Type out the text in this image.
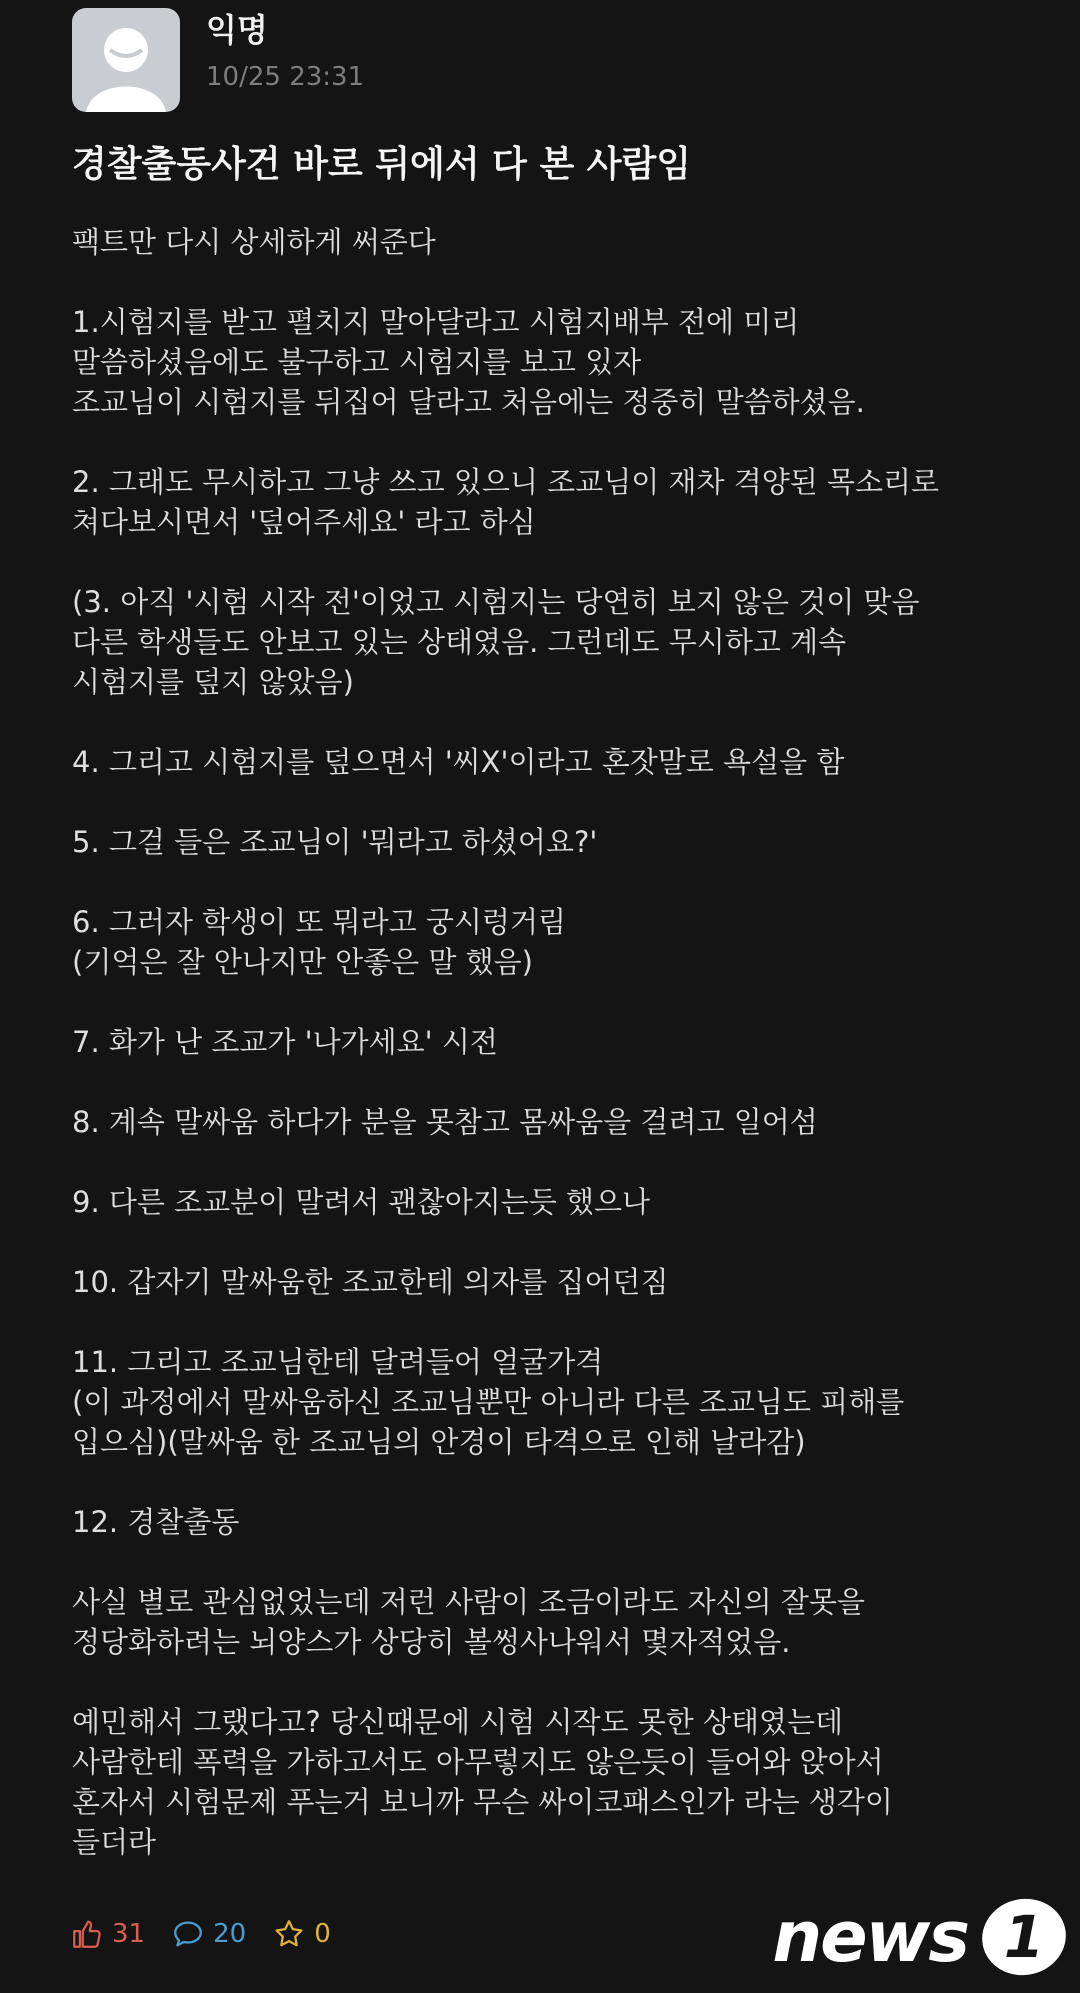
익명
10/25 23:31
경찰출동사건 바로 뒤에서 다 본 사람임
팩트만 다시 상세하게 써준다
1.시험지를 받고 펼치지 말아달라고 시험지배부 전에 미리
말씀하셨음에도 불구하고 시험지를 보고 있자
조교님이 시험지를 뒤집어 달라고 처음에는 정중히 말씀하셨음.
2. 그래도 무시하고 그냥 쓰고 있으니 조교님이 재차 격양된 목소리로
쳐다보시면서 '덮어주세요' 라고 하심
(3. 아직 '시험 시작 전'이었고 시험지는 당연히 보지 않은 것이 맞음
다른 학생들도 안보고 있는 상태였음. 그런데도 무시하고 계속
시험지를 덮지 않았음)
4. 그리고 시험지를 덮으면서 '씨X'이라고 혼잣말로 욕설을 함
5. 그걸 들은 조교님이 '뭐라고 하셨어요?'
6. 그러자 학생이 또 뭐라고 궁시렁거림
(기억은 잘 안나지만 안좋은 말 했음)
7. 화가 난 조교가 '나가세요' 시전
8. 계속 말싸움 하다가 분을 못참고 몸싸움을 걸려고 일어섬
9. 다른 조교분이 말려서 괜찮아지는듯 했으나
10. 갑자기 말싸움한 조교한테 의자를 집어던짐
11. 그리고 조교님한테 달려들어 얼굴가격
(이 과정에서 말싸움하신 조교님뿐만 아니라 다른 조교님도 피해를
입으심)(말싸움 한 조교님의 안경이 타격으로 인해 날라감)
12. 경찰출동
사실 별로 관심없었는데 저런 사람이 조금이라도 자신의 잘못을
정당화하려는 뇌양스가 상당히 볼썽사나워서 몇자적었음.
예민해서 그랬다고? 당신때문에 시험 시작도 못한 상태였는데
사람한테 폭력을 가하고서도 아무렇지도 않은듯이 들어와 앉아서
혼자서 시험문제 푸는거 보니까 무슨 싸이코패스인가 라는 생각이
들더라
31	20	0	news 1
